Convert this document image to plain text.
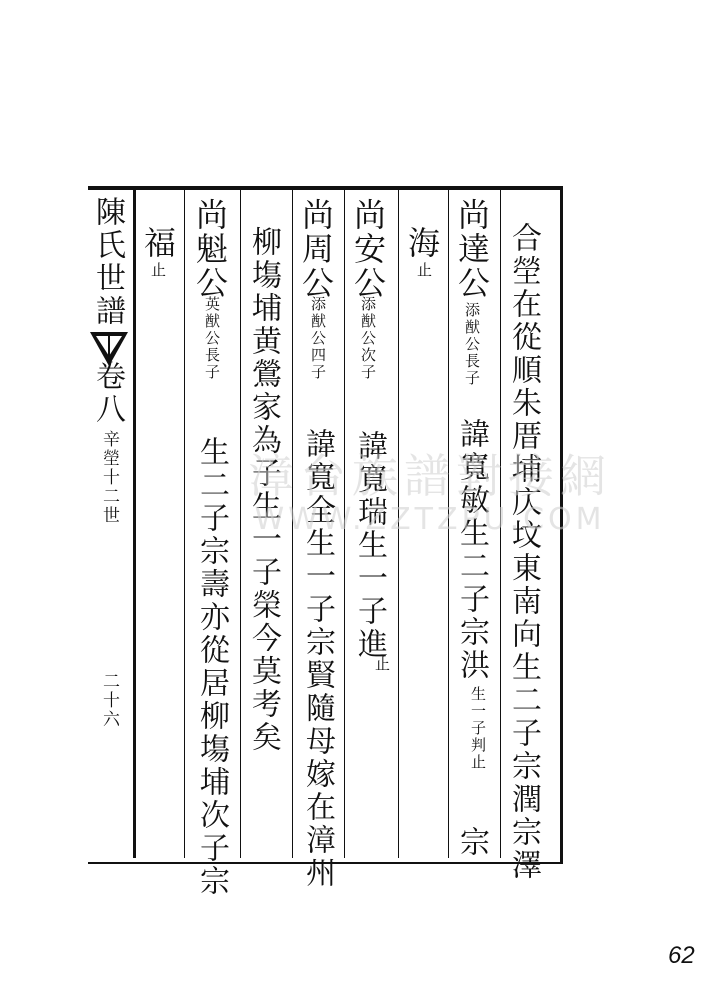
陳氏世譜
卷八
辛塋十二世
二十六	合塋在從順朱厝埔庂坟東南向生二子宗潤宗澤
尚達公
添猷公長子
諱寬敏生二子宗洪
生一子判止
宗
海
止
尚安公
添猷公次子
諱寬瑞生一子進
止
尚周公
添猷公四子
諱寬全生一子宗賢隨母嫁在漳州
柳塲埔黄鶯家為子生一子榮今莫考矣
尚魁公
英猷公長子
生二子宗壽亦從居柳塲埔次子宗
福
止
漳台族譜對接網
WWW.ZZTZPU.COM
62
